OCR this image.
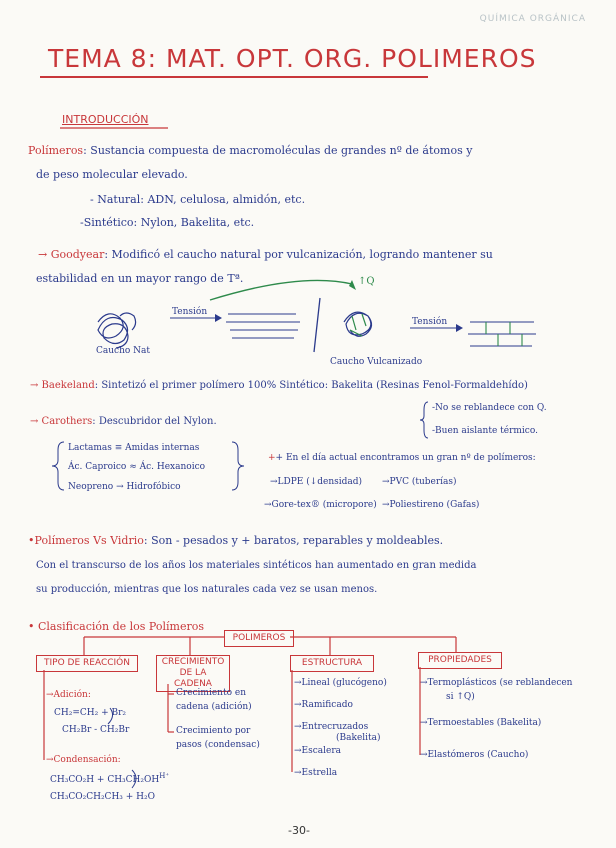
QUÍMICA ORGÁNICA
TEMA 8: MAT. OPT. ORG. POLIMEROS
INTRODUCCIÓN
Polímeros: Sustancia compuesta de macromoléculas de grandes nº de átomos y
de peso molecular elevado.
- Natural: ADN, celulosa, almidón, etc.
-Sintético: Nylon, Bakelita, etc.
→ Goodyear: Modificó el caucho natural por vulcanización, logrando mantener su
estabilidad en un mayor rango de Tª.	↑Q
Tensión
Tensión
Caucho Nat
Caucho Vulcanizado
→ Baekeland: Sintetizó el primer polímero 100% Sintético: Bakelita (Resinas Fenol-Formaldehído)
-No se reblandece con Q.
-Buen aislante térmico.
→ Carothers: Descubridor del Nylon.
Lactamas ≡ Amidas internas
Ác. Caproico ≈ Ác. Hexanoico
Neopreno → Hidrofóbico
++ En el día actual encontramos un gran nº de polímeros:
→LDPE (↓densidad) →PVC (tuberías)
→Gore-tex® (micropore) →Poliestireno (Gafas)
•Polímeros Vs Vidrio: Son - pesados y + baratos, reparables y moldeables.
Con el transcurso de los años los materiales sintéticos han aumentado en gran medida
su producción, mientras que los naturales cada vez se usan menos.
• Clasificación de los Polímeros
POLIMEROS
TIPO DE REACCIÓN	CRECIMIENTO
DE LA CADENA
ESTRUCTURA	PROPIEDADES
→Adición:
CH₂=CH₂ + Br₂
CH₂Br - CH₂Br
→Condensación:
$CH_3CO_2H + CH_3CH_2OH^{H^+}$
CH₃CO₂CH₂CH₃ + H₂O
Crecimiento en
cadena (adición)
Crecimiento por
pasos (condensac)
→Lineal (glucógeno)
→Ramificado
→Entrecruzados
(Bakelita)
→Escalera
→Estrella
→Termoplásticos (se reblandecen
si ↑Q)
→Termoestables (Bakelita)
→Elastómeros (Caucho)
-30-
